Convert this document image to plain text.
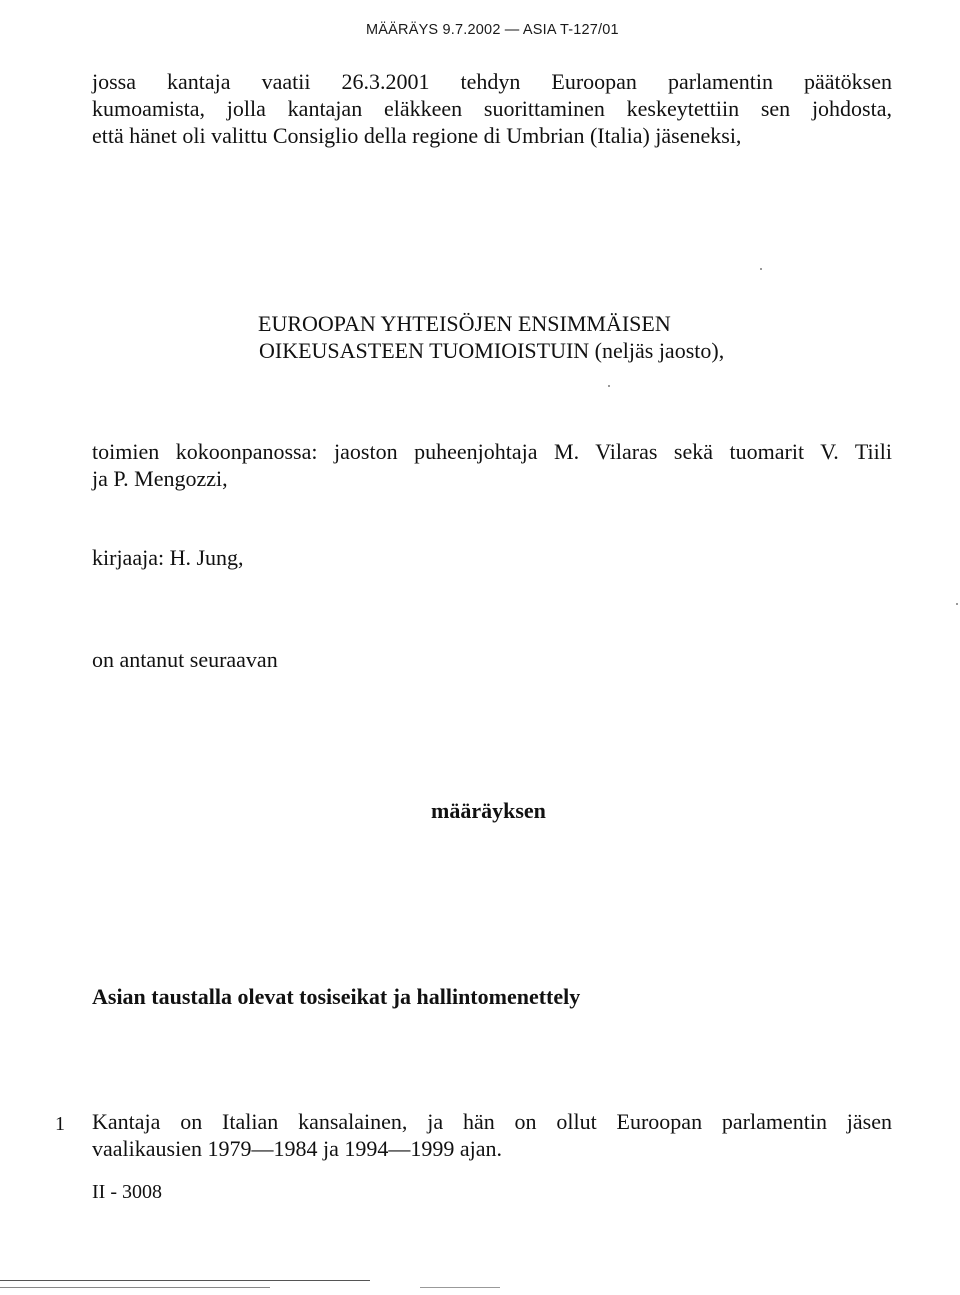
MÄÄRÄYS 9.7.2002 — ASIA T-127/01
jossa kantaja vaatii 26.3.2001 tehdyn Euroopan parlamentin päätöksen
kumoamista, jolla kantajan eläkkeen suorittaminen keskeytettiin sen johdosta,
että hänet oli valittu Consiglio della regione di Umbrian (Italia) jäseneksi,
EUROOPAN YHTEISÖJEN ENSIMMÄISEN
OIKEUSASTEEN TUOMIOISTUIN (neljäs jaosto),
toimien kokoonpanossa: jaoston puheenjohtaja M. Vilaras sekä tuomarit V. Tiili
ja P. Mengozzi,
kirjaaja: H. Jung,
on antanut seuraavan
määräyksen
Asian taustalla olevat tosiseikat ja hallintomenettely
1 Kantaja on Italian kansalainen, ja hän on ollut Euroopan parlamentin jäsen
vaalikausien 1979—1984 ja 1994—1999 ajan.
II - 3008
